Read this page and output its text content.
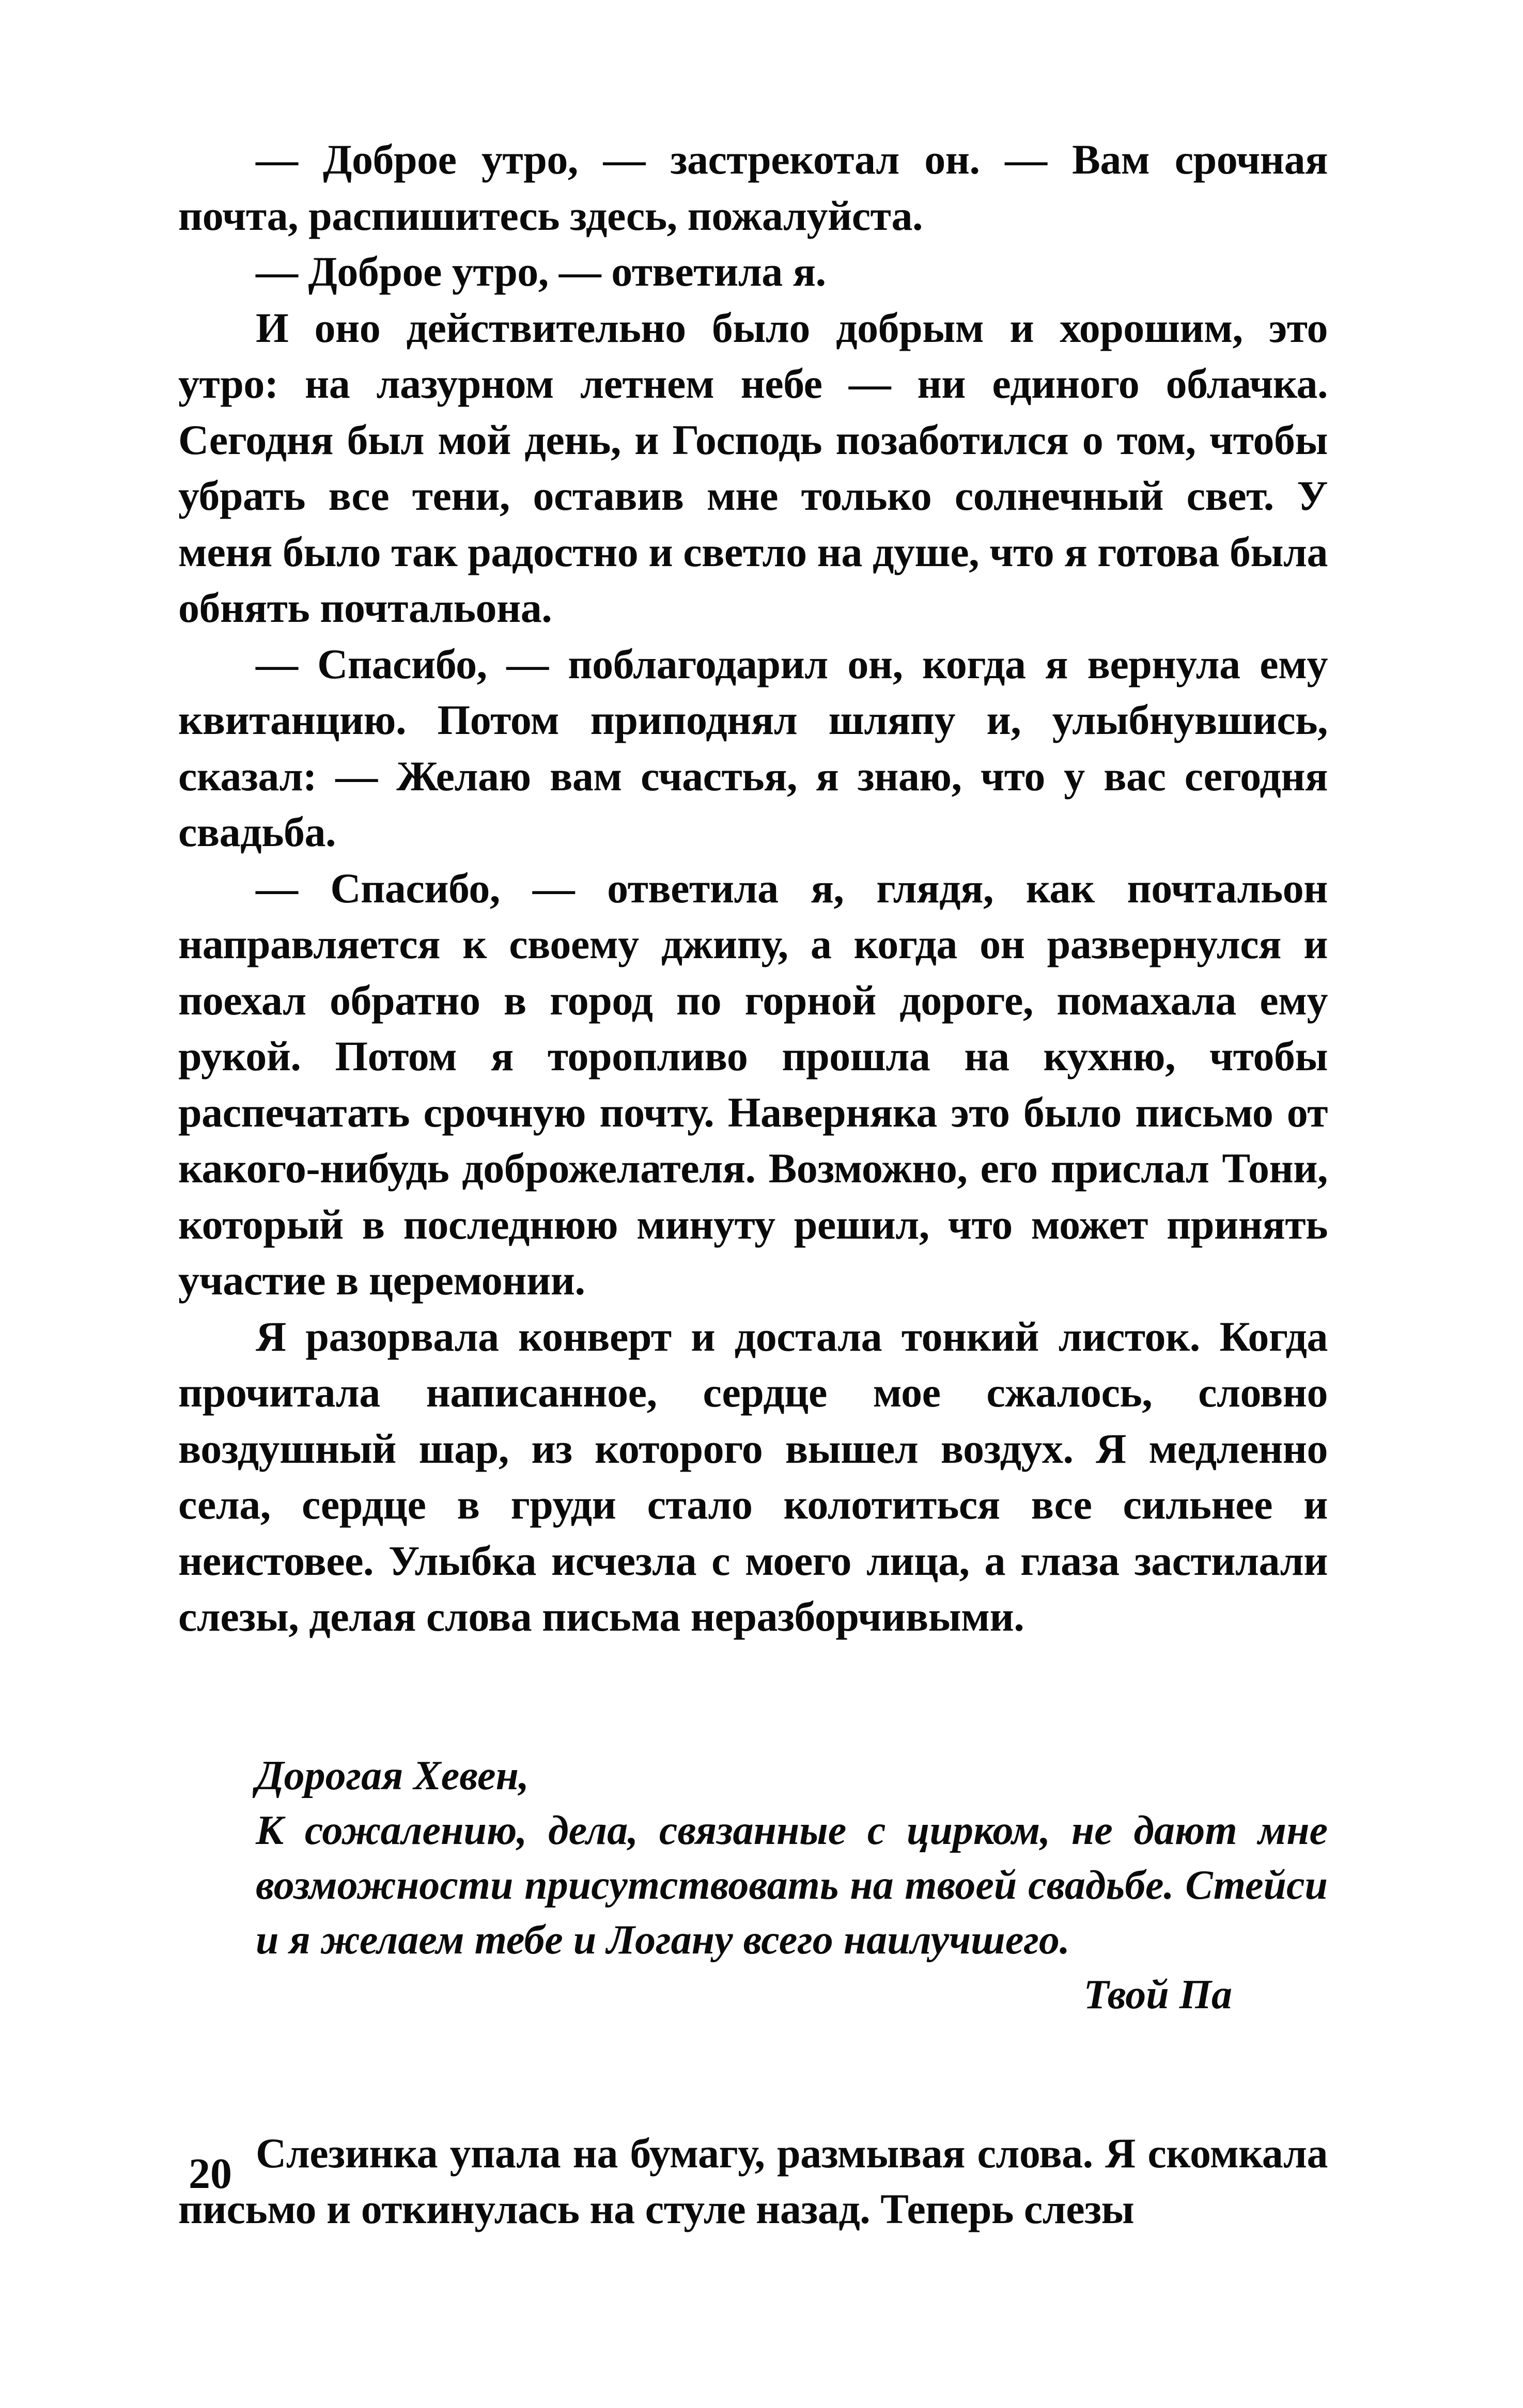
— Доброе утро, — застрекотал он. — Вам срочная почта, распишитесь здесь, пожалуйста.

— Доброе утро, — ответила я.

И оно действительно было добрым и хорошим, это утро: на лазурном летнем небе — ни единого облачка. Сегодня был мой день, и Господь позаботился о том, чтобы убрать все тени, оставив мне только солнечный свет. У меня было так радостно и светло на душе, что я готова была обнять почтальона.

— Спасибо, — поблагодарил он, когда я вернула ему квитанцию. Потом приподнял шляпу и, улыбнувшись, сказал: — Желаю вам счастья, я знаю, что у вас сегодня свадьба.

— Спасибо, — ответила я, глядя, как почтальон направляется к своему джипу, а когда он развернулся и поехал обратно в город по горной дороге, помахала ему рукой. Потом я торопливо прошла на кухню, чтобы распечатать срочную почту. Наверняка это было письмо от какого-нибудь доброжелателя. Возможно, его прислал Тони, который в последнюю минуту решил, что может принять участие в церемонии.

Я разорвала конверт и достала тонкий листок. Когда прочитала написанное, сердце мое сжалось, словно воздушный шар, из которого вышел воздух. Я медленно села, сердце в груди стало колотиться все сильнее и неистовее. Улыбка исчезла с моего лица, а глаза застилали слезы, делая слова письма неразборчивыми.

Дорогая Хевен,

К сожалению, дела, связанные с цирком, не дают мне возможности присутствовать на твоей свадьбе. Стейси и я желаем тебе и Логану всего наилучшего.

Твой Па

Слезинка упала на бумагу, размывая слова. Я скомкала письмо и откинулась на стуле назад. Теперь слезы

20
